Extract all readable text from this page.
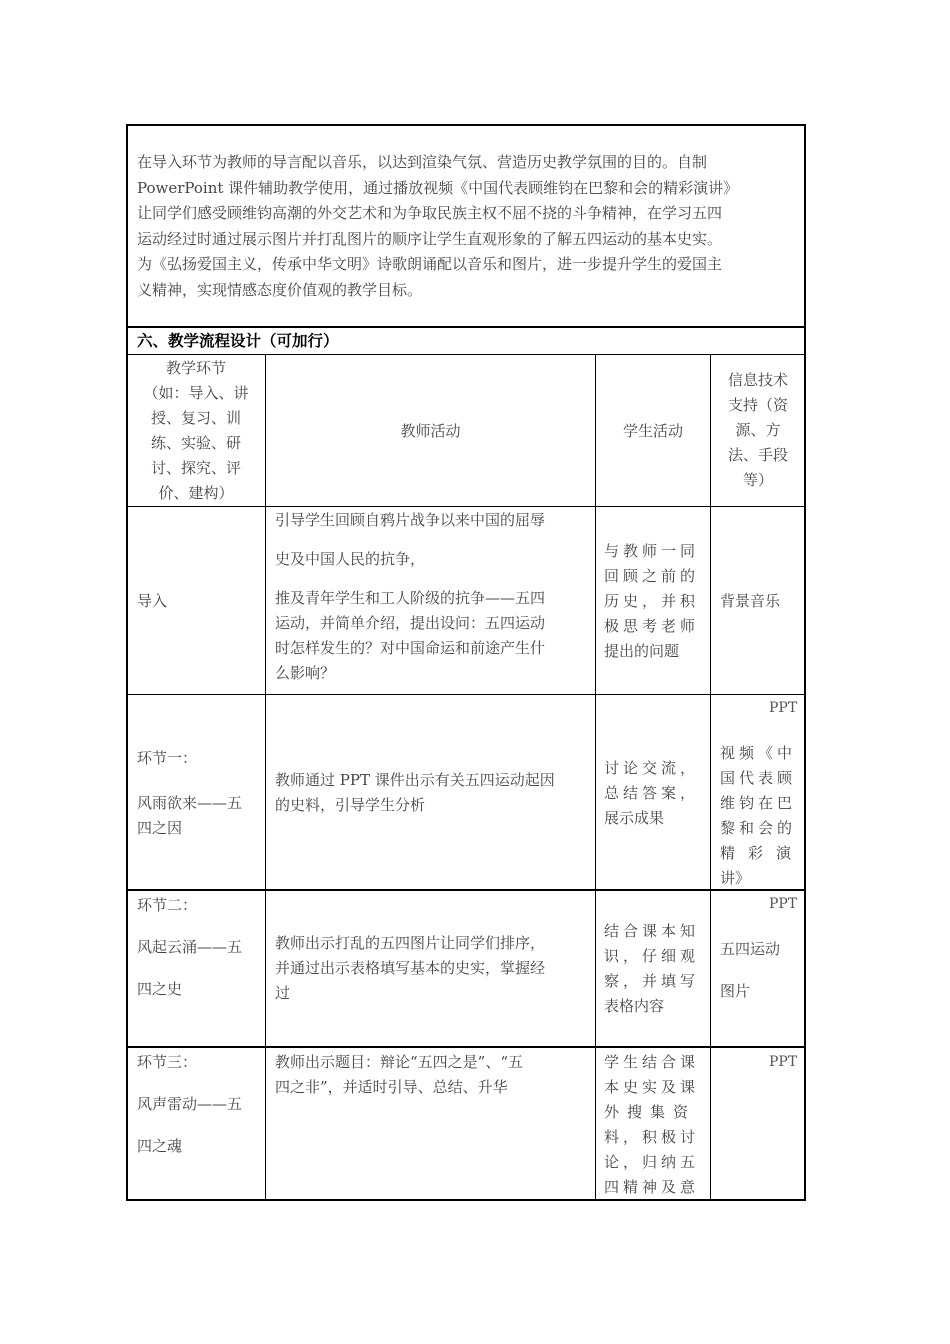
在导入环节为教师的导言配以音乐，以达到渲染气氛、营造历史教学氛围的目的。自制
PowerPoint 课件辅助教学使用，通过播放视频《中国代表顾维钧在巴黎和会的精彩演讲》
让同学们感受顾维钧高潮的外交艺术和为争取民族主权不屈不挠的斗争精神，在学习五四
运动经过时通过展示图片并打乱图片的顺序让学生直观形象的了解五四运动的基本史实。
为《弘扬爱国主义，传承中华文明》诗歌朗诵配以音乐和图片，进一步提升学生的爱国主
义精神，实现情感态度价值观的教学目标。
六、教学流程设计（可加行）
教学环节
（如：导入、讲
授、复习、训
练、实验、研
讨、探究、评
价、建构）
教师活动	学生活动
信息技术
支持（资
源、方
法、手段
等）
导入
引导学生回顾自鸦片战争以来中国的屈辱
史及中国人民的抗争，
推及青年学生和工人阶级的抗争——五四
运动，并简单介绍，提出设问：五四运动
时怎样发生的？对中国命运和前途产生什
么影响？
与教师一同
回顾之前的
历史，并积
极思考老师
提出的问题
背景音乐
环节一：
风雨欲来——五
四之因
教师通过 PPT 课件出示有关五四运动起因
的史料，引导学生分析
讨论交流，
总结答案，
展示成果
PPT
视频《中
国代表顾
维钧在巴
黎和会的
精彩演
讲》
环节二：
风起云涌——五
四之史
教师出示打乱的五四图片让同学们排序，
并通过出示表格填写基本的史实，掌握经
过
结合课本知
识，仔细观
察，并填写
表格内容
PPT
五四运动
图片
环节三：
风声雷动——五
四之魂
教师出示题目：辩论“五四之是”、“五
四之非”，并适时引导、总结、升华
学生结合课
本史实及课
外搜集资
料，积极讨
论，归纳五
四精神及意
PPT
